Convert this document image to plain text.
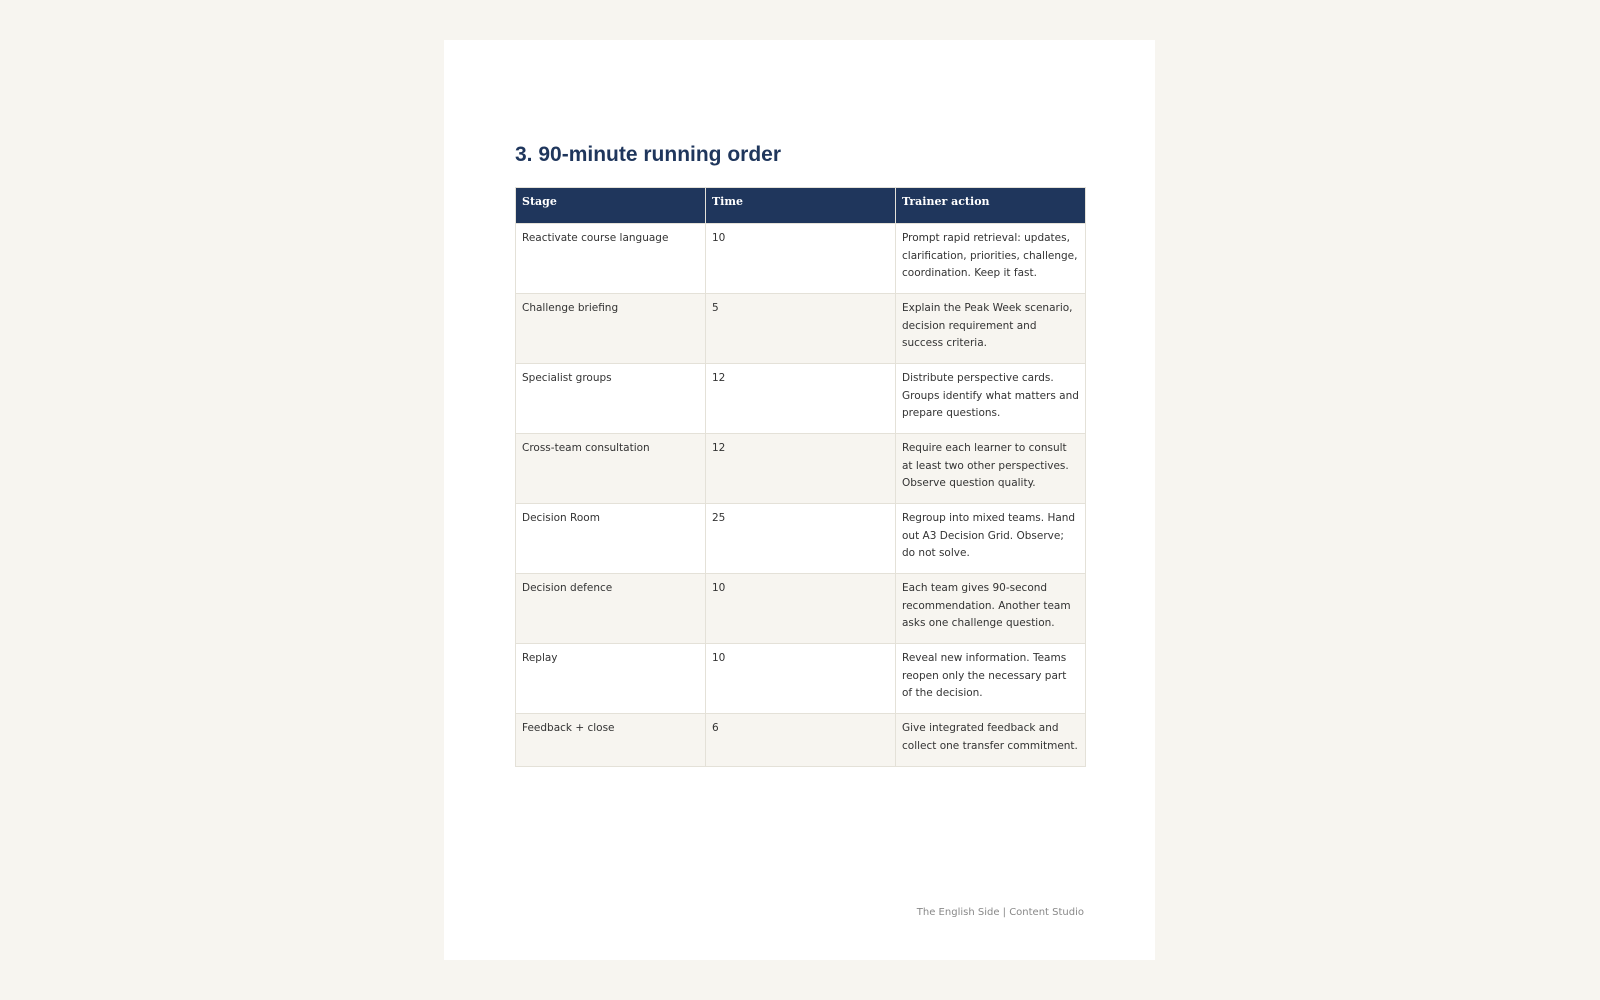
3. 90-minute running order
Stage	Time	Trainer action
Reactivate course language	10	Prompt rapid retrieval: updates, clarification, priorities, challenge, coordination. Keep it fast.
Challenge briefing	5	Explain the Peak Week scenario, decision requirement and success criteria.
Specialist groups	12	Distribute perspective cards. Groups identify what matters and prepare questions.
Cross-team consultation	12	Require each learner to consult at least two other perspectives. Observe question quality.
Decision Room	25	Regroup into mixed teams. Hand out A3 Decision Grid. Observe; do not solve.
Decision defence	10	Each team gives 90-second recommendation. Another team asks one challenge question.
Replay	10	Reveal new information. Teams reopen only the necessary part of the decision.
Feedback + close	6	Give integrated feedback and collect one transfer commitment.
The English Side | Content Studio
